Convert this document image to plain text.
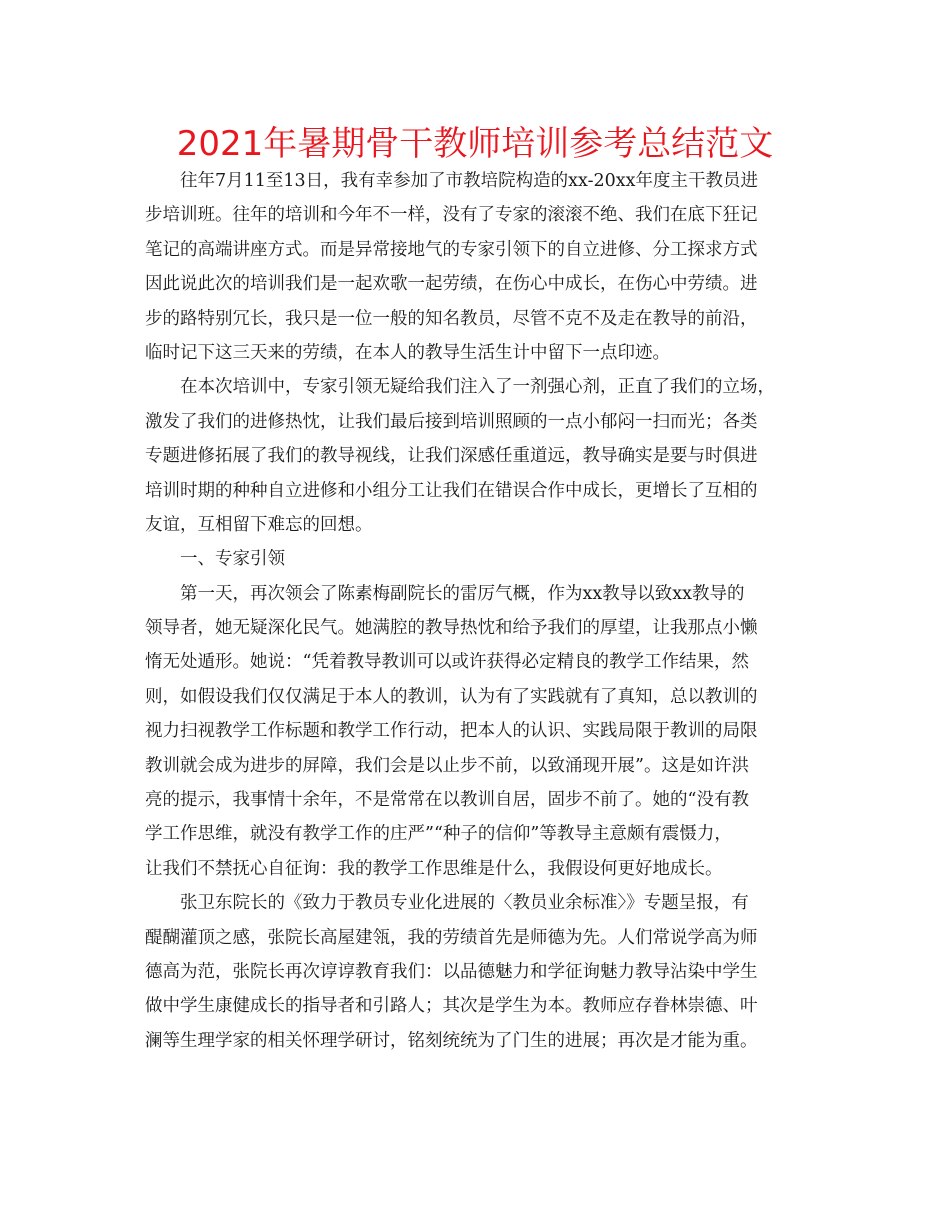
2021年暑期骨干教师培训参考总结范文
往年7月11至13日，我有幸参加了市教培院构造的xx-20xx年度主干教员进
步培训班。往年的培训和今年不一样，没有了专家的滚滚不绝、我们在底下狂记
笔记的高端讲座方式。而是异常接地气的专家引领下的自立进修、分工探求方式
因此说此次的培训我们是一起欢歌一起劳绩，在伤心中成长，在伤心中劳绩。进
步的路特别冗长，我只是一位一般的知名教员，尽管不克不及走在教导的前沿，
临时记下这三天来的劳绩，在本人的教导生活生计中留下一点印迹。
在本次培训中，专家引领无疑给我们注入了一剂强心剂，正直了我们的立场，
激发了我们的进修热忱，让我们最后接到培训照顾的一点小郁闷一扫而光；各类
专题进修拓展了我们的教导视线，让我们深感任重道远，教导确实是要与时俱进
培训时期的种种自立进修和小组分工让我们在错误合作中成长，更增长了互相的
友谊，互相留下难忘的回想。
一、专家引领
第一天，再次领会了陈素梅副院长的雷厉气概，作为xx教导以致xx教导的
领导者，她无疑深化民气。她满腔的教导热忱和给予我们的厚望，让我那点小懒
惰无处遁形。她说：“凭着教导教训可以或许获得必定精良的教学工作结果，然
则，如假设我们仅仅满足于本人的教训，认为有了实践就有了真知，总以教训的
视力扫视教学工作标题和教学工作行动，把本人的认识、实践局限于教训的局限
教训就会成为进步的屏障，我们会是以止步不前，以致涌现开展”。这是如许洪
亮的提示，我事情十余年，不是常常在以教训自居，固步不前了。她的“没有教
学工作思维，就没有教学工作的庄严”“种子的信仰”等教导主意颇有震慑力，
让我们不禁抚心自征询：我的教学工作思维是什么，我假设何更好地成长。
张卫东院长的《致力于教员专业化进展的〈教员业余标准〉》专题呈报，有
醍醐灌顶之感，张院长高屋建瓴，我的劳绩首先是师德为先。人们常说学高为师
德高为范，张院长再次谆谆教育我们：以品德魅力和学征询魅力教导沾染中学生
做中学生康健成长的指导者和引路人；其次是学生为本。教师应存眷林崇德、叶
澜等生理学家的相关怀理学研讨，铭刻统统为了门生的进展；再次是才能为重。
